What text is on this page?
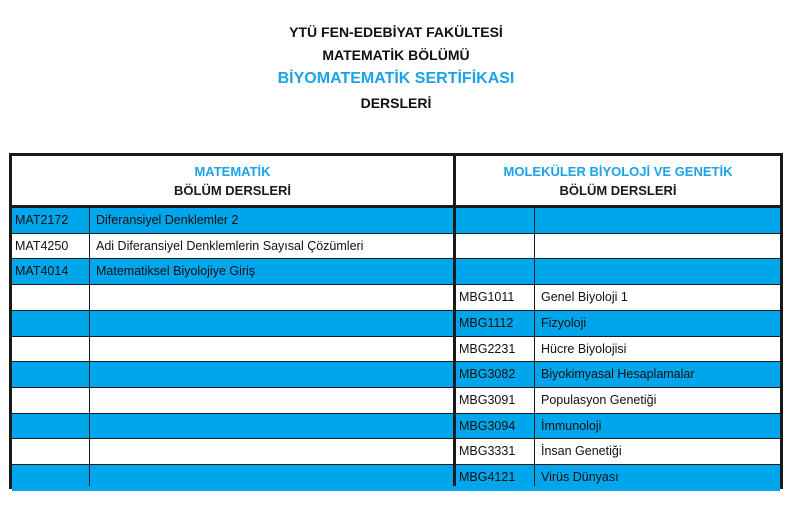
YTÜ FEN-EDEBİYAT FAKÜLTESİ
MATEMATİK BÖLÜMÜ
BİYOMATEMATİK SERTİFİKASI
DERSLERİ
MATEMATİK
BÖLÜM DERSLERİ
MOLEKÜLER BİYOLOJİ VE GENETİK
BÖLÜM DERSLERİ
MAT2172	Diferansiyel Denklemler 2
MAT4250	Adi Diferansiyel Denklemlerin Sayısal Çözümleri
MAT4014	Matematiksel Biyolojiye Giriş
MBG1011	Genel Biyoloji 1
MBG1112	Fizyoloji
MBG2231	Hücre Biyolojisi
MBG3082	Biyokimyasal Hesaplamalar
MBG3091	Populasyon Genetiği
MBG3094	İmmunoloji
MBG3331	İnsan Genetiği
MBG4121	Virüs Dünyası
